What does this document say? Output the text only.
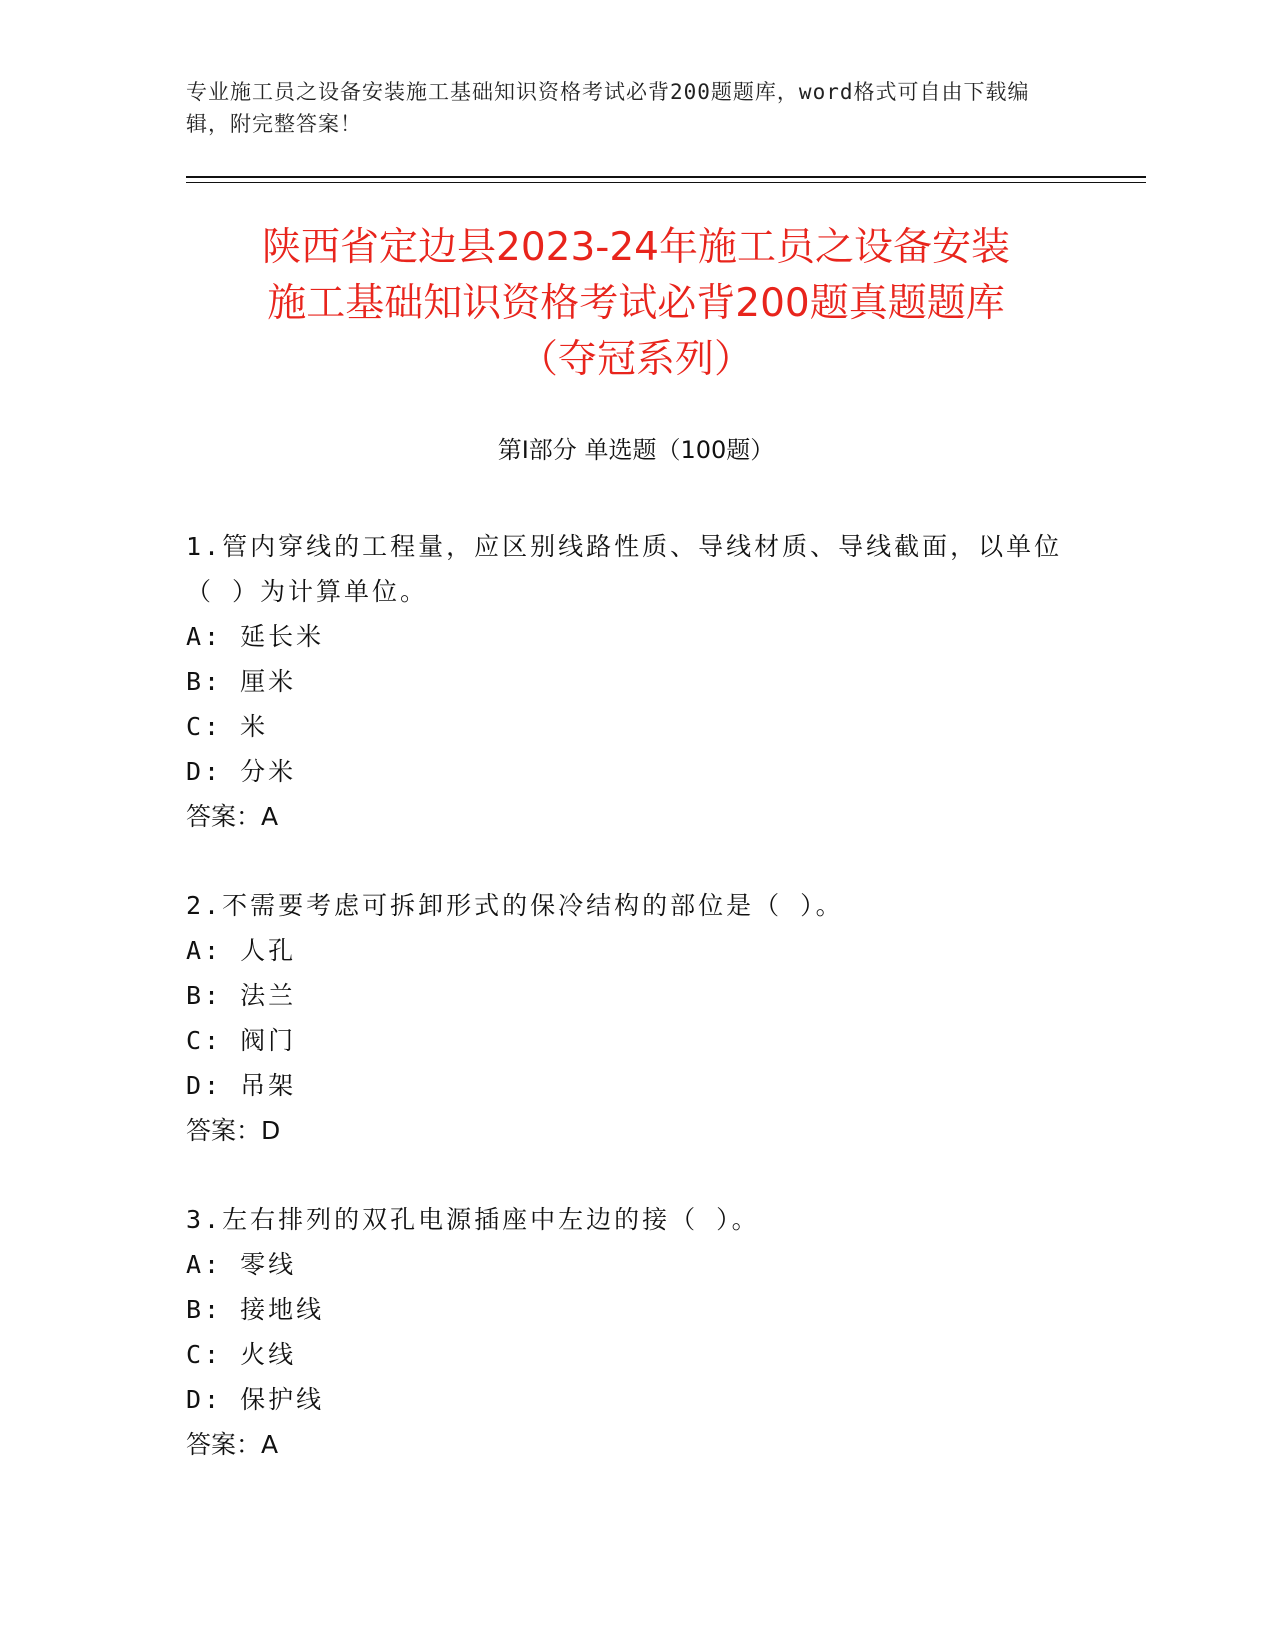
专业施工员之设备安装施工基础知识资格考试必背200题题库，word格式可自由下载编辑，附完整答案！
陕西省定边县2023-24年施工员之设备安装
施工基础知识资格考试必背200题真题题库
（夺冠系列）
第Ⅰ部分 单选题（100题）

1.管内穿线的工程量，应区别线路性质、导线材质、导线截面，以单位（ ）为计算单位。

A: 延长米

B: 厘米

C: 米

D: 分米

答案：A

2.不需要考虑可拆卸形式的保冷结构的部位是（ ）。

A: 人孔

B: 法兰

C: 阀门

D: 吊架

答案：D

3.左右排列的双孔电源插座中左边的接（ ）。

A: 零线

B: 接地线

C: 火线

D: 保护线

答案：A
